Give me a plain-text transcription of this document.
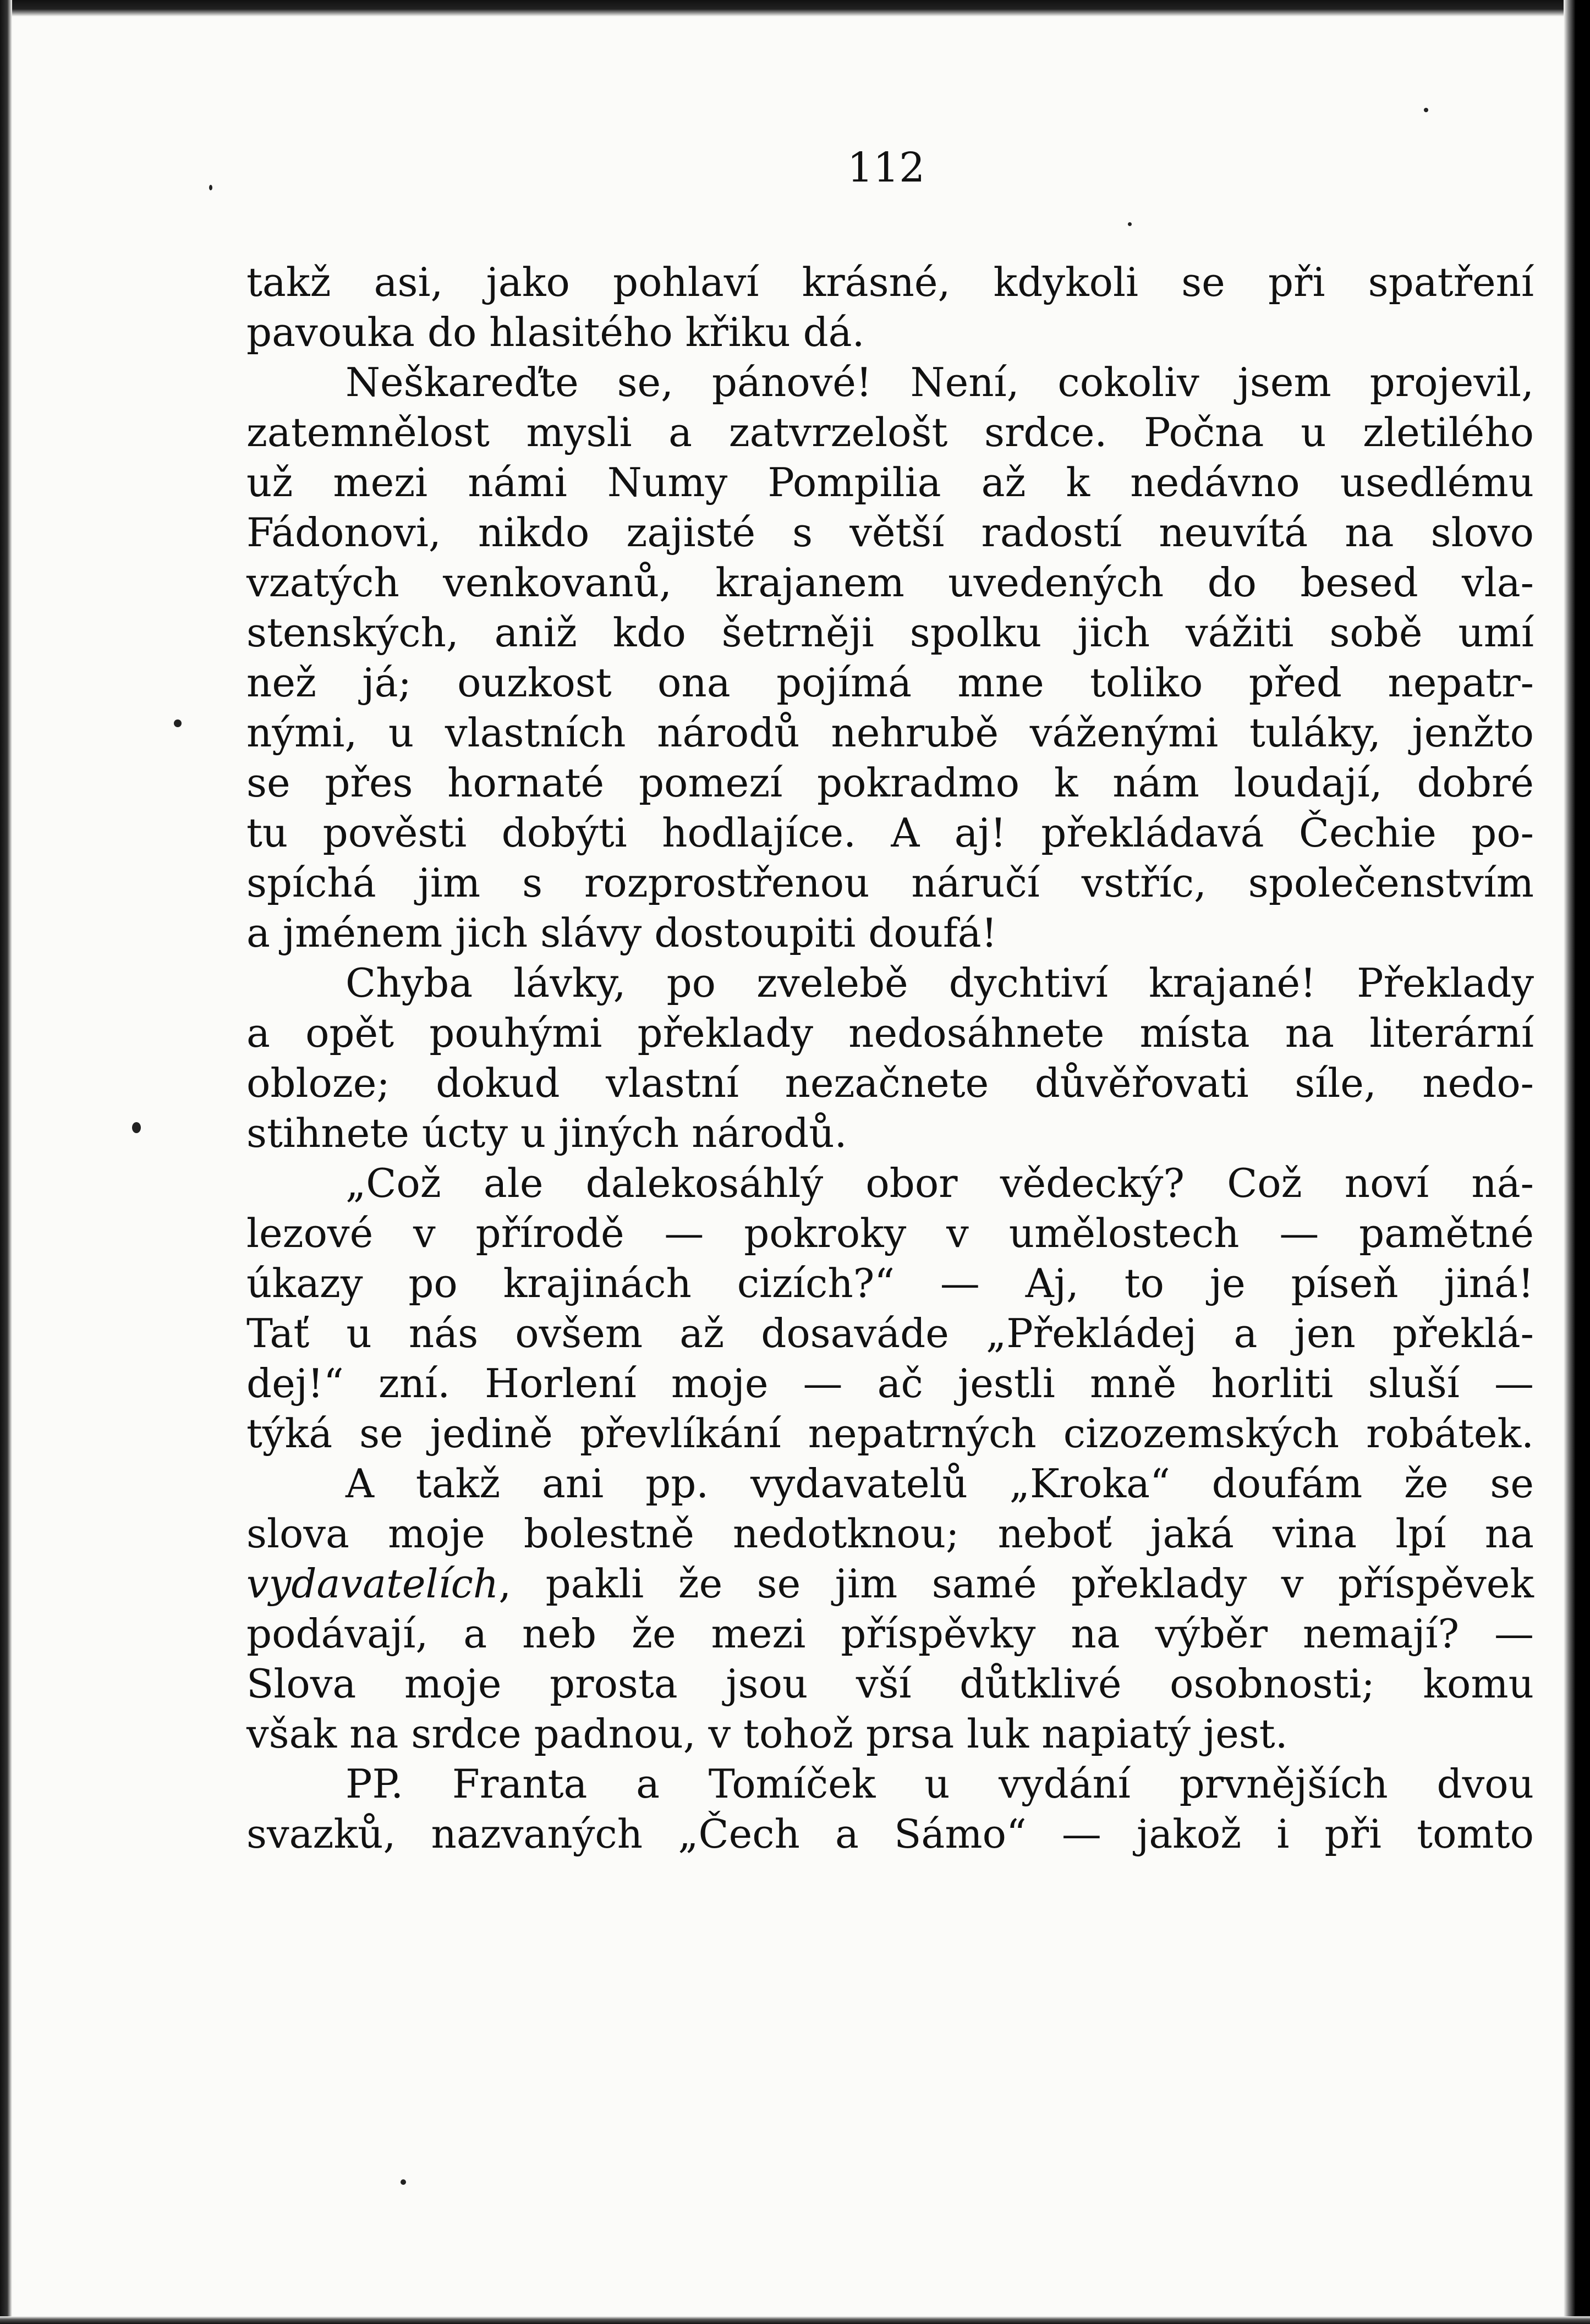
112
takž asi, jako pohlaví krásné, kdykoli se při spatření
pavouka do hlasitého křiku dá.
Neškareďte se, pánové! Není, cokoliv jsem projevil,
zatemnělost mysli a zatvrzelošt srdce. Počna u zletilého
už mezi námi Numy Pompilia až k nedávno usedlému
Fádonovi, nikdo zajisté s větší radostí neuvítá na slovo
vzatých venkovanů, krajanem uvedených do besed vla-
stenských, aniž kdo šetrněji spolku jich vážiti sobě umí
než já; ouzkost ona pojímá mne toliko před nepatr-
nými, u vlastních národů nehrubě váženými tuláky, jenžto
se přes hornaté pomezí pokradmo k nám loudají, dobré
tu pověsti dobýti hodlajíce. A aj! překládavá Čechie po-
spíchá jim s rozprostřenou náručí vstříc, společenstvím
a jménem jich slávy dostoupiti doufá!
Chyba lávky, po zvelebě dychtiví krajané! Překlady
a opět pouhými překlady nedosáhnete místa na literární
obloze; dokud vlastní nezačnete důvěřovati síle, nedo-
stihnete úcty u jiných národů.
„Což ale dalekosáhlý obor vědecký? Což noví ná-
lezové v přírodě — pokroky v umělostech — pamětné
úkazy po krajinách cizích?“ — Aj, to je píseň jiná!
Tať u nás ovšem až dosaváde „Překládej a jen překlá-
dej!“ zní. Horlení moje — ač jestli mně horliti sluší —
týká se jedině převlíkání nepatrných cizozemských robátek.
A takž ani pp. vydavatelů „Kroka“ doufám že se
slova moje bolestně nedotknou; neboť jaká vina lpí na
vydavatelích, pakli že se jim samé překlady v příspěvek
podávají, a neb že mezi příspěvky na výběr nemají? —
Slova moje prosta jsou vší důtklivé osobnosti; komu
však na srdce padnou, v tohož prsa luk napiatý jest.
PP. Franta a Tomíček u vydání prvnějších dvou
svazků, nazvaných „Čech a Sámo“ — jakož i při tomto
